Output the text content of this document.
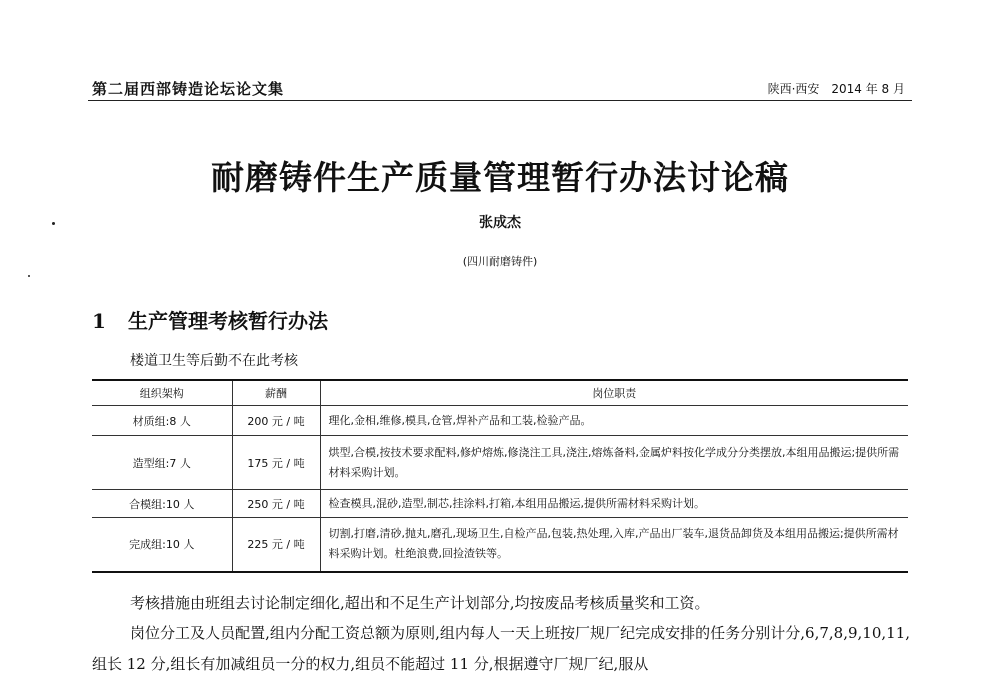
第二届西部铸造论坛论文集	陕西·西安　2014 年 8 月
耐磨铸件生产质量管理暂行办法讨论稿
张成杰
(四川耐磨铸件)
1 生产管理考核暂行办法
楼道卫生等后勤不在此考核
组织架构	薪酬	岗位职责
材质组:8 人	200 元 / 吨	理化,金相,维修,模具,仓管,焊补产品和工装,检验产品。
造型组:7 人	175 元 / 吨	烘型,合模,按技术要求配料,修炉熔炼,修浇注工具,浇注,熔炼备料,金属炉料按化学成分分类摆放,本组用品搬运;提供所需材料采购计划。
合模组:10 人	250 元 / 吨	检查模具,混砂,造型,制芯,挂涂料,打箱,本组用品搬运,提供所需材料采购计划。
完成组:10 人	225 元 / 吨	切割,打磨,清砂,抛丸,磨孔,现场卫生,自检产品,包装,热处理,入库,产品出厂装车,退货品卸货及本组用品搬运;提供所需材料采购计划。杜绝浪费,回捡渣铁等。
考核措施由班组去讨论制定细化,超出和不足生产计划部分,均按废品考核质量奖和工资。
岗位分工及人员配置,组内分配工资总额为原则,组内每人一天上班按厂规厂纪完成安排的任务分别计分,6,7,8,9,10,11,组长 12 分,组长有加减组员一分的权力,组员不能超过 11 分,根据遵守厂规厂纪,服从
